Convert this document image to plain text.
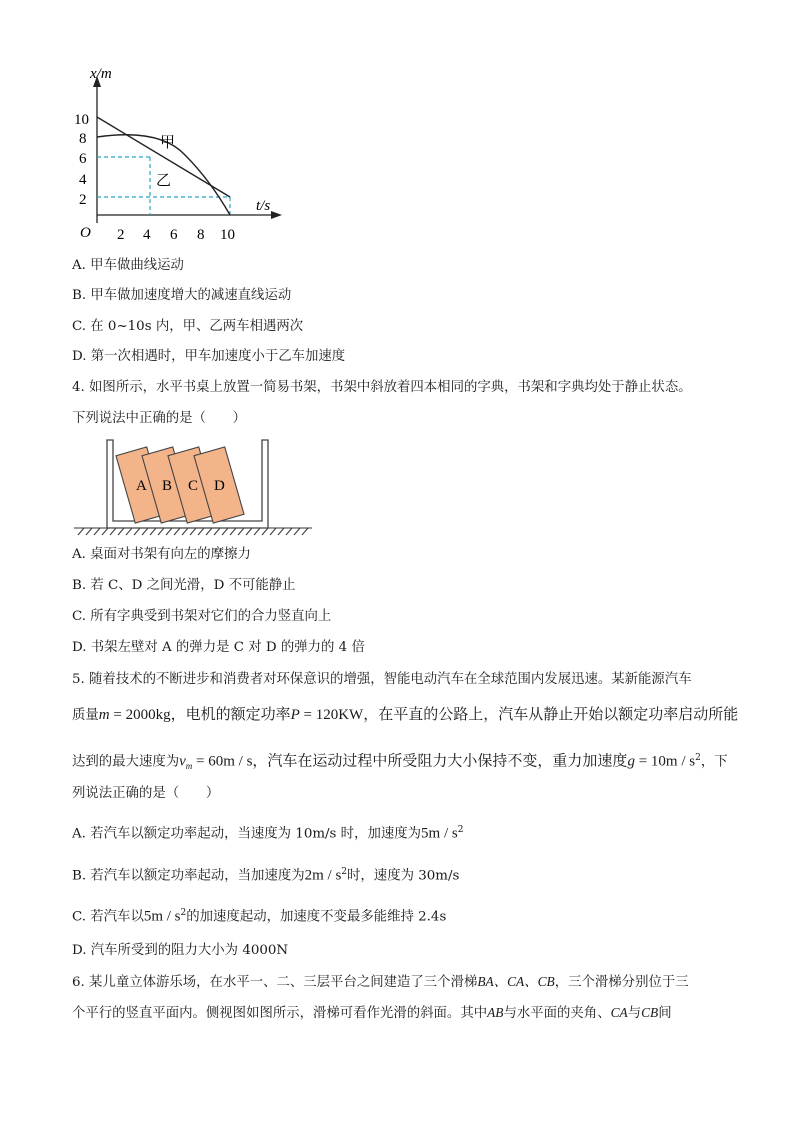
x/m
t/s
O
10
8
6
4
2
2 4 6 8 10
甲
乙
A. 甲车做曲线运动
B. 甲车做加速度增大的减速直线运动
C. 在 0~10s 内，甲、乙两车相遇两次
D. 第一次相遇时，甲车加速度小于乙车加速度
4. 如图所示，水平书桌上放置一简易书架，书架中斜放着四本相同的字典，书架和字典均处于静止状态。
下列说法中正确的是（　　）
A B C D
A. 桌面对书架有向左的摩擦力
B. 若 C、D 之间光滑，D 不可能静止
C. 所有字典受到书架对它们的合力竖直向上
D. 书架左壁对 A 的弹力是 C 对 D 的弹力的 4 倍
5. 随着技术的不断进步和消费者对环保意识的增强，智能电动汽车在全球范围内发展迅速。某新能源汽车
质量m = 2000kg，电机的额定功率P = 120KW，在平直的公路上，汽车从静止开始以额定功率启动所能
达到的最大速度为$v_m = 60m / s$，汽车在运动过程中所受阻力大小保持不变，重力加速度$g = 10m / s^2$，下
列说法正确的是（　　）
A. 若汽车以额定功率起动，当速度为 10m/s 时，加速度为$5m / s^2$
B. 若汽车以额定功率起动，当加速度为$2m / s^2$时，速度为 30m/s
C. 若汽车以$5m / s^2$的加速度起动，加速度不变最多能维持 2.4s
D. 汽车所受到的阻力大小为 4000N
6. 某儿童立体游乐场，在水平一、二、三层平台之间建造了三个滑梯BA、CA、CB，三个滑梯分别位于三
个平行的竖直平面内。侧视图如图所示，滑梯可看作光滑的斜面。其中AB与水平面的夹角、CA与CB间
